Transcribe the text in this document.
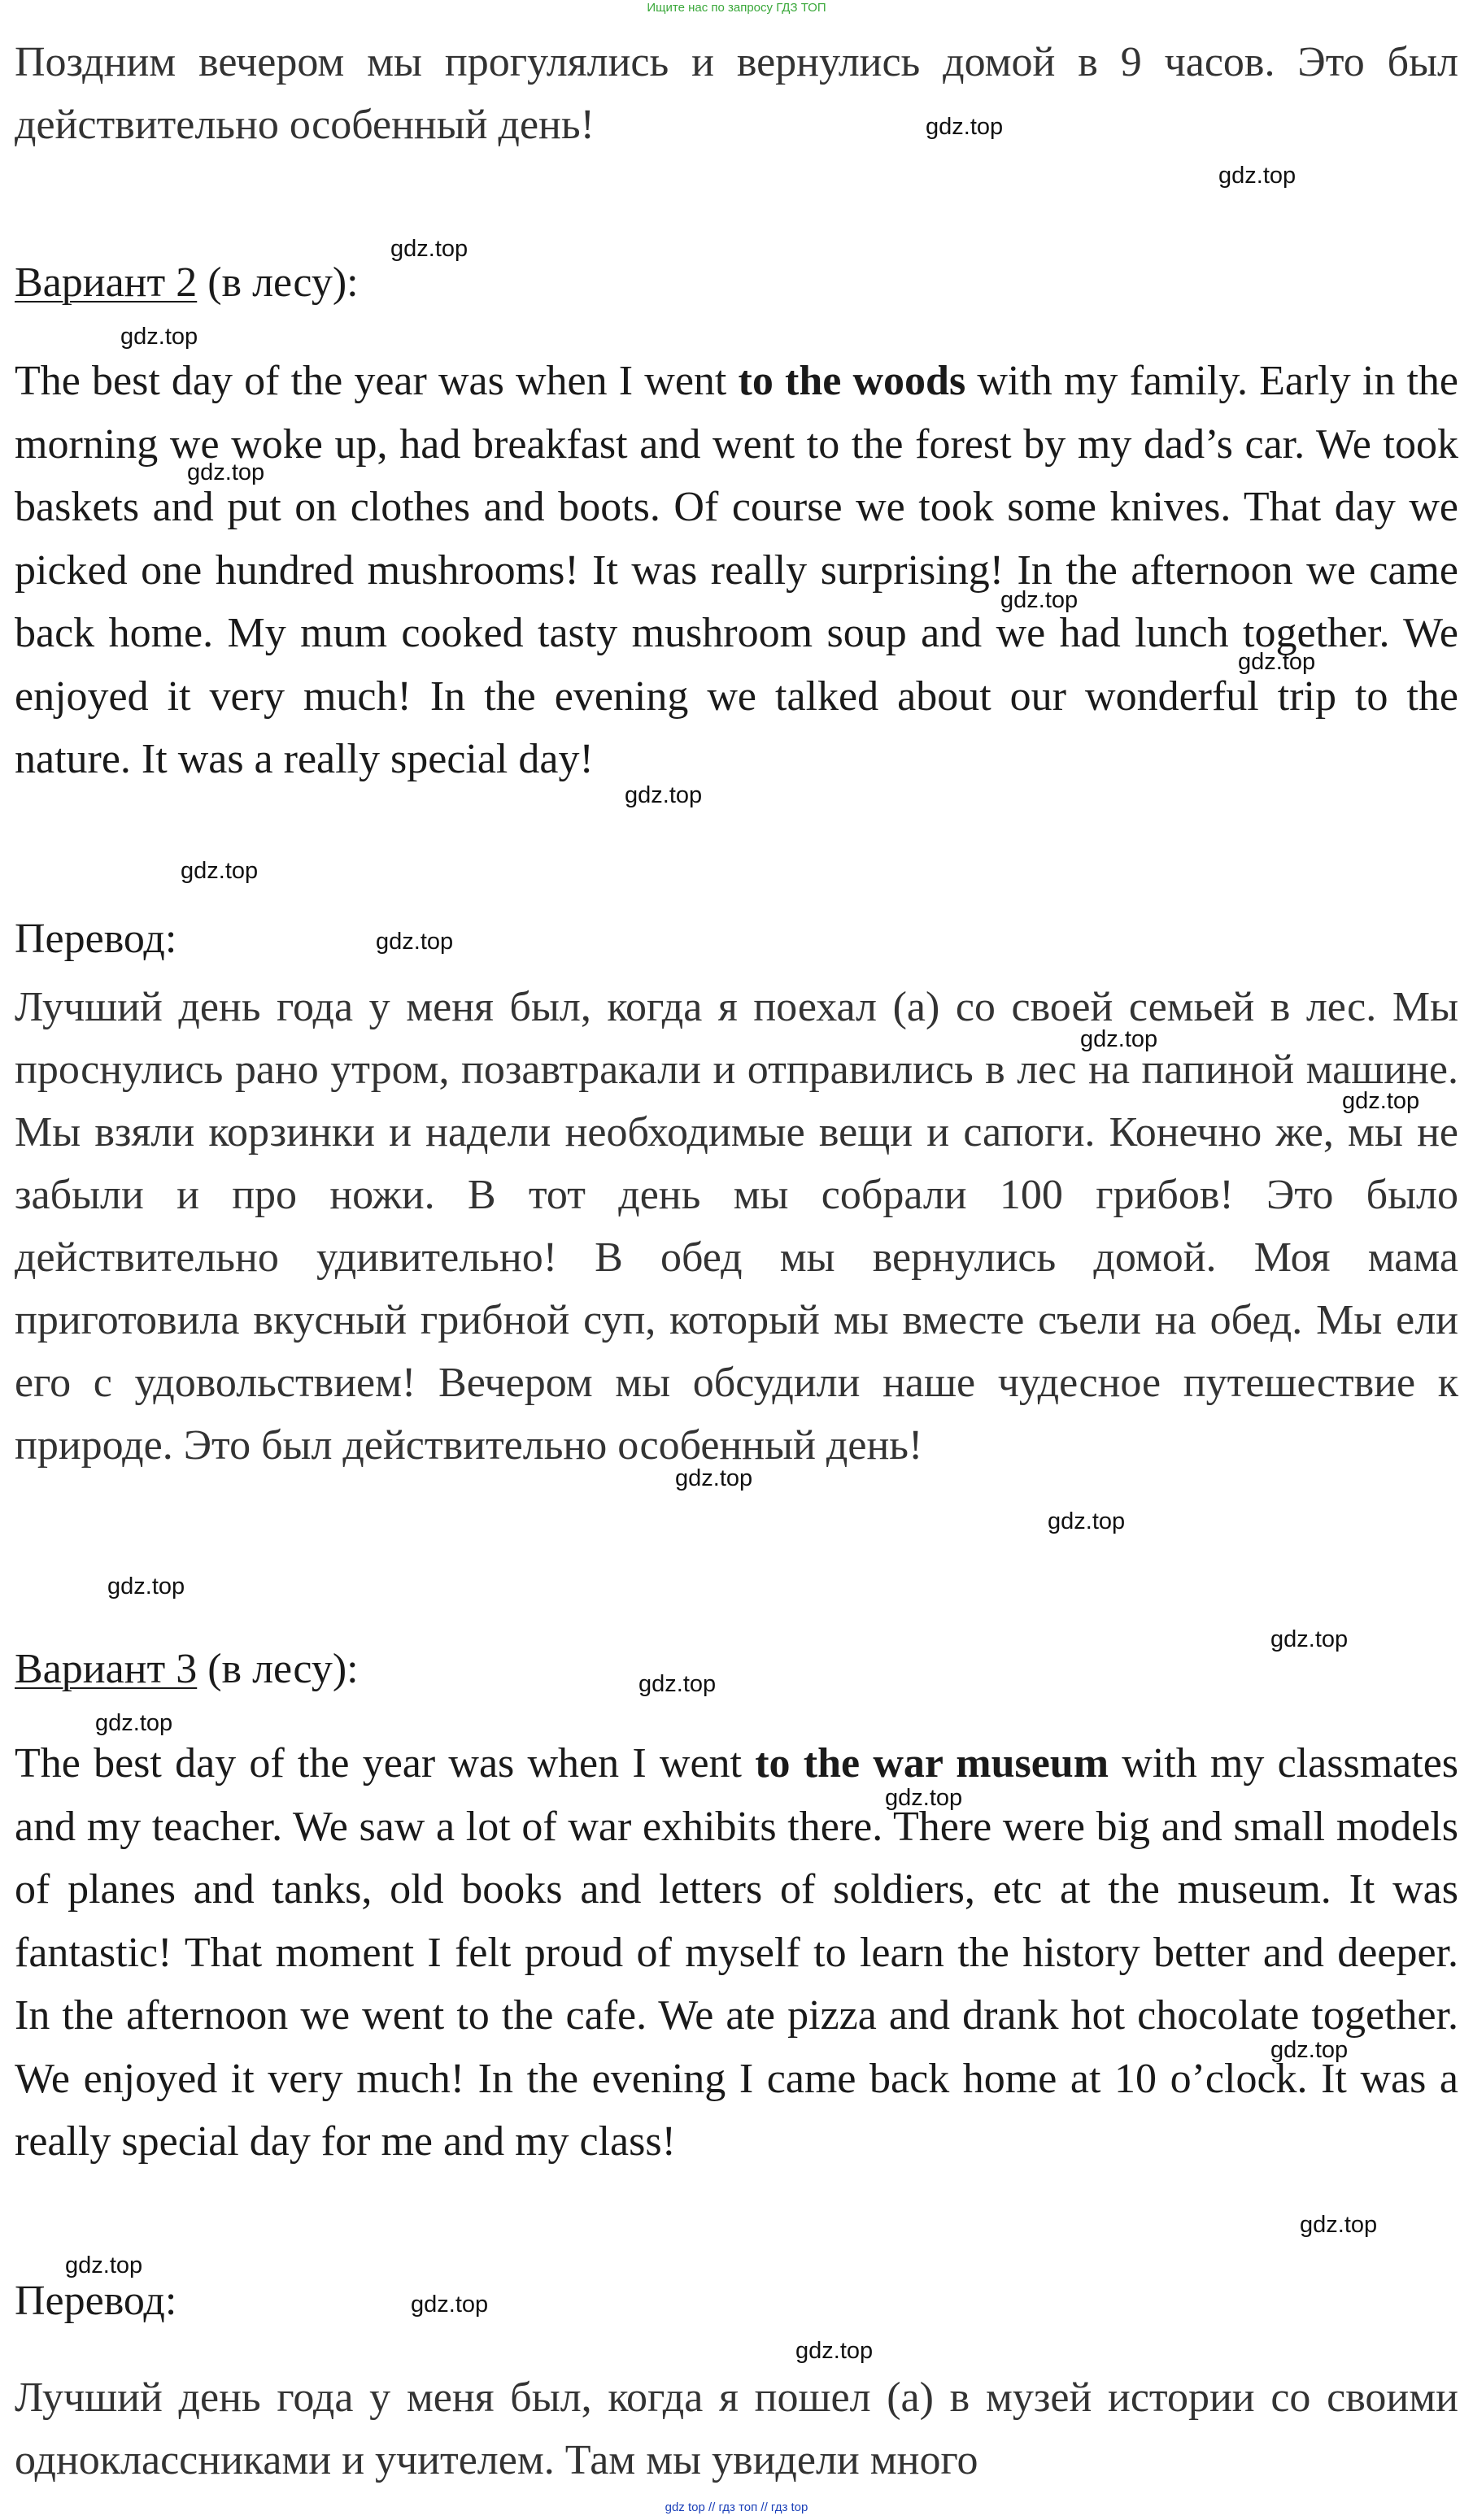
Ищите нас по запросу ГДЗ ТОП

Поздним вечером мы прогулялись и вернулись домой в 9 часов. Это был действительно особенный день!

Вариант 2 (в лесу):

The best day of the year was when I went to the woods with my family. Early in the morning we woke up, had breakfast and went to the forest by my dad’s car. We took baskets and put on clothes and boots. Of course we took some knives. That day we picked one hundred mushrooms! It was really surprising! In the afternoon we came back home. My mum cooked tasty mushroom soup and we had lunch together. We enjoyed it very much! In the evening we talked about our wonderful trip to the nature. It was a really special day!

Перевод:

Лучший день года у меня был, когда я поехал (а) со своей семьей в лес. Мы проснулись рано утром, позавтракали и отправились в лес на папиной машине. Мы взяли корзинки и надели необходимые вещи и сапоги. Конечно же, мы не забыли и про ножи. В тот день мы собрали 100 грибов! Это было действительно удивительно! В обед мы вернулись домой. Моя мама приготовила вкусный грибной суп, который мы вместе съели на обед. Мы ели его с удовольствием! Вечером мы обсудили наше чудесное путешествие к природе. Это был действительно особенный день!

Вариант 3 (в лесу):

The best day of the year was when I went to the war museum with my classmates and my teacher. We saw a lot of war exhibits there. There were big and small models of planes and tanks, old books and letters of soldiers, etc at the museum. It was fantastic! That moment I felt proud of myself to learn the history better and deeper. In the afternoon we went to the cafe. We ate pizza and drank hot chocolate together. We enjoyed it very much! In the evening I came back home at 10 o’clock. It was a really special day for me and my class!

Перевод:

Лучший день года у меня был, когда я пошел (а) в музей истории со своими одноклассниками и учителем. Там мы увидели много

gdz.top
gdz.top
gdz.top
gdz.top
gdz.top
gdz.top
gdz.top
gdz.top
gdz.top
gdz.top
gdz.top
gdz.top
gdz.top
gdz.top
gdz.top
gdz.top
gdz.top
gdz.top
gdz.top
gdz.top
gdz.top
gdz.top
gdz.top
gdz.top
gdz top // гдз топ // гдз top
